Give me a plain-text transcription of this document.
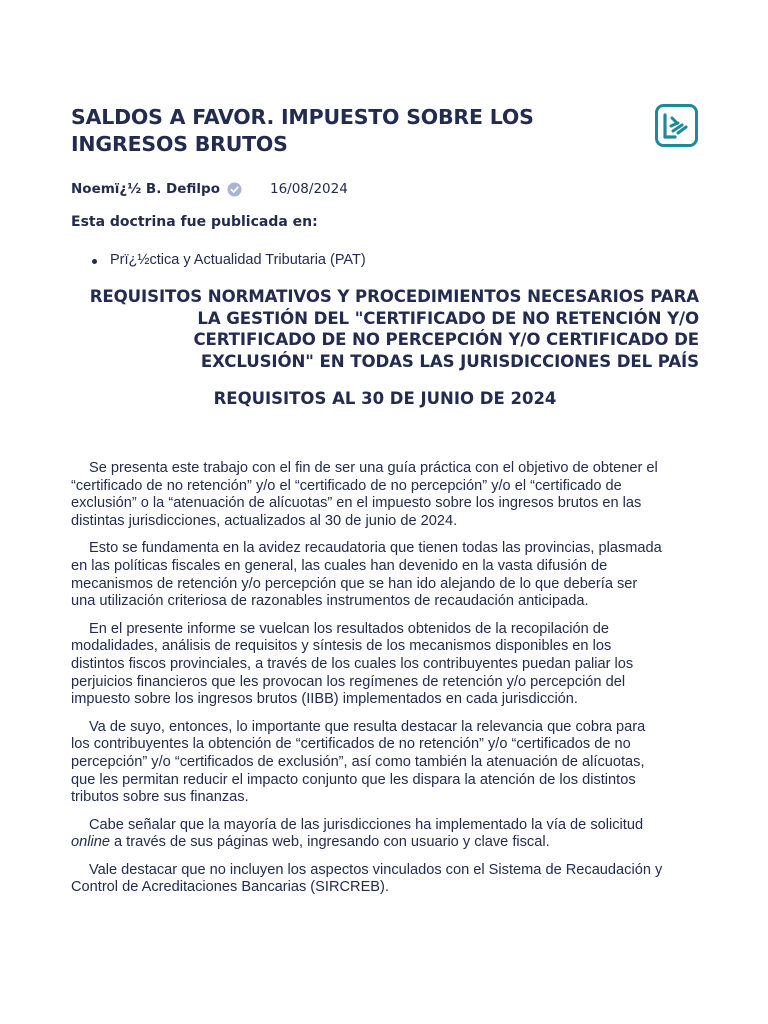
SALDOS A FAVOR. IMPUESTO SOBRE LOS
INGRESOS BRUTOS
Noemï¿½ B. Defilpo	16/08/2024

Esta doctrina fue publicada en:

Prï¿½ctica y Actualidad Tributaria (PAT)
REQUISITOS NORMATIVOS Y PROCEDIMIENTOS NECESARIOS PARA
LA GESTIÓN DEL "CERTIFICADO DE NO RETENCIÓN Y/O
CERTIFICADO DE NO PERCEPCIÓN Y/O CERTIFICADO DE
EXCLUSIÓN" EN TODAS LAS JURISDICCIONES DEL PAÍS
REQUISITOS AL 30 DE JUNIO DE 2024

Se presenta este trabajo con el fin de ser una guía práctica con el objetivo de obtener el
“certificado de no retención” y/o el “certificado de no percepción” y/o el “certificado de
exclusión” o la “atenuación de alícuotas” en el impuesto sobre los ingresos brutos en las
distintas jurisdicciones, actualizados al 30 de junio de 2024.

Esto se fundamenta en la avidez recaudatoria que tienen todas las provincias, plasmada
en las políticas fiscales en general, las cuales han devenido en la vasta difusión de
mecanismos de retención y/o percepción que se han ido alejando de lo que debería ser
una utilización criteriosa de razonables instrumentos de recaudación anticipada.

En el presente informe se vuelcan los resultados obtenidos de la recopilación de
modalidades, análisis de requisitos y síntesis de los mecanismos disponibles en los
distintos fiscos provinciales, a través de los cuales los contribuyentes puedan paliar los
perjuicios financieros que les provocan los regímenes de retención y/o percepción del
impuesto sobre los ingresos brutos (IIBB) implementados en cada jurisdicción.

Va de suyo, entonces, lo importante que resulta destacar la relevancia que cobra para
los contribuyentes la obtención de “certificados de no retención” y/o “certificados de no
percepción” y/o “certificados de exclusión”, así como también la atenuación de alícuotas,
que les permitan reducir el impacto conjunto que les dispara la atención de los distintos
tributos sobre sus finanzas.

Cabe señalar que la mayoría de las jurisdicciones ha implementado la vía de solicitud
online a través de sus páginas web, ingresando con usuario y clave fiscal.

Vale destacar que no incluyen los aspectos vinculados con el Sistema de Recaudación y
Control de Acreditaciones Bancarias (SIRCREB).
